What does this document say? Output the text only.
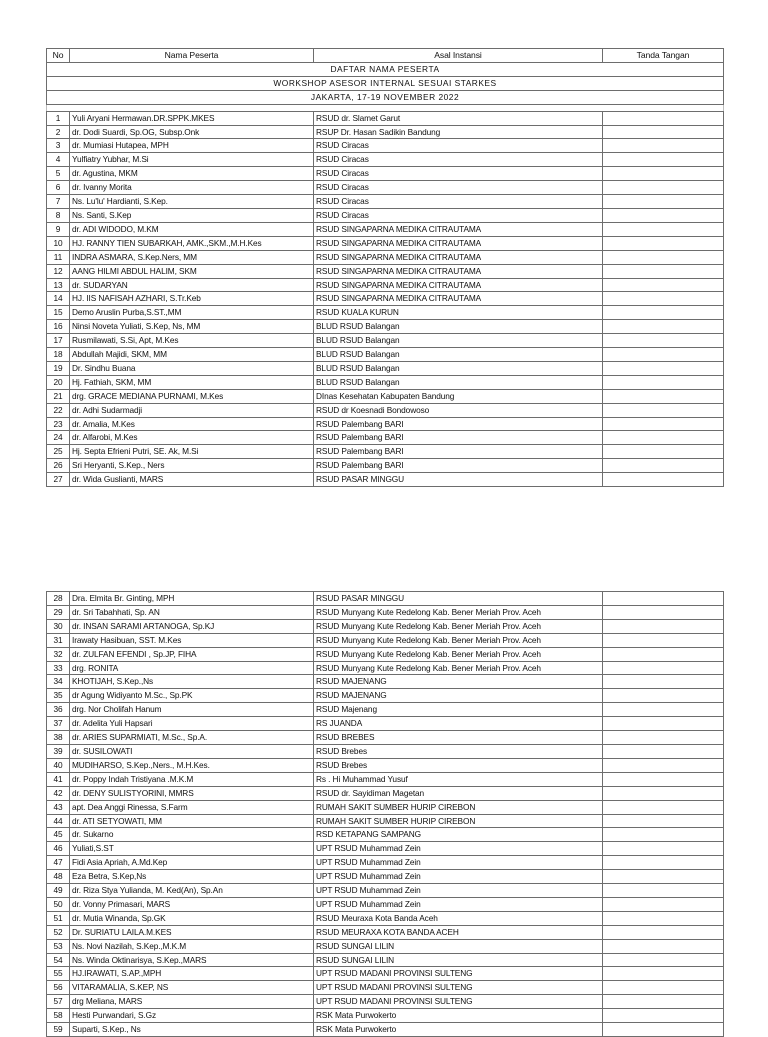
DAFTAR NAMA PESERTA			
WORKSHOP ASESOR INTERNAL SESUAI STARKES			
JAKARTA, 17-19 NOVEMBER 2022			

No	Nama Peserta	Asal Instansi	Tanda Tangan
1	Yuli Aryani Hermawan.DR.SPPK.MKES	RSUD dr. Slamet Garut	
2	dr. Dodi Suardi, Sp.OG, Subsp.Onk	RSUP Dr. Hasan Sadikin Bandung	
3	dr. Mumiasi Hutapea, MPH	RSUD Ciracas	
4	Yulfiatry Yubhar, M.Si	RSUD Ciracas	
5	dr. Agustina, MKM	RSUD Ciracas	
6	dr. Ivanny Morita	RSUD Ciracas	
7	Ns. Lu'lu' Hardianti, S.Kep.	RSUD Ciracas	
8	Ns. Santi, S.Kep	RSUD Ciracas	
9	dr. ADI WIDODO, M.KM	RSUD SINGAPARNA MEDIKA CITRAUTAMA	
10	HJ. RANNY TIEN SUBARKAH, AMK.,SKM.,M.H.Kes	RSUD SINGAPARNA MEDIKA CITRAUTAMA	
11	INDRA ASMARA, S.Kep.Ners, MM	RSUD SINGAPARNA MEDIKA CITRAUTAMA	
12	AANG HILMI ABDUL HALIM, SKM	RSUD SINGAPARNA MEDIKA CITRAUTAMA	
13	dr. SUDARYAN	RSUD SINGAPARNA MEDIKA CITRAUTAMA	
14	HJ. IIS NAFISAH AZHARI, S.Tr.Keb	RSUD SINGAPARNA MEDIKA CITRAUTAMA	
15	Demo Aruslin Purba,S.ST.,MM	RSUD KUALA KURUN	
16	Ninsi Noveta Yuliati, S.Kep, Ns, MM	BLUD RSUD Balangan	
17	Rusmilawati, S.Si, Apt, M.Kes	BLUD RSUD Balangan	
18	Abdullah Majidi, SKM, MM	BLUD RSUD Balangan	
19	Dr. Sindhu Buana	BLUD RSUD Balangan	
20	Hj. Fathiah, SKM, MM	BLUD RSUD Balangan	
21	drg. GRACE MEDIANA PURNAMI, M.Kes	DInas Kesehatan Kabupaten Bandung	
22	dr. Adhi Sudarmadji	RSUD dr Koesnadi Bondowoso	
23	dr. Amalia, M.Kes	RSUD Palembang BARI	
24	dr. Alfarobi, M.Kes	RSUD Palembang BARI	
25	Hj. Septa Efrieni Putri, SE. Ak, M.Si	RSUD Palembang BARI	
26	Sri Heryanti, S.Kep., Ners	RSUD Palembang BARI	
27	dr. Wida Guslianti, MARS	RSUD PASAR MINGGU	
28	Dra. Elmita Br. Ginting, MPH	RSUD PASAR MINGGU	
29	dr. Sri Tabahhati, Sp. AN	RSUD Munyang Kute Redelong Kab. Bener Meriah Prov. Aceh	
30	dr. INSAN SARAMI ARTANOGA, Sp.KJ	RSUD Munyang Kute Redelong Kab. Bener Meriah Prov. Aceh	
31	Irawaty Hasibuan, SST. M.Kes	RSUD Munyang Kute Redelong Kab. Bener Meriah Prov. Aceh	
32	dr. ZULFAN EFENDI , Sp.JP, FIHA	RSUD Munyang Kute Redelong Kab. Bener Meriah Prov. Aceh	
33	drg. RONITA	RSUD Munyang Kute Redelong Kab. Bener Meriah Prov. Aceh	
34	KHOTIJAH, S.Kep.,Ns	RSUD MAJENANG	
35	dr Agung Widiyanto M.Sc., Sp.PK	RSUD MAJENANG	
36	drg. Nor Cholifah Hanum	RSUD Majenang	
37	dr. Adelita Yuli Hapsari	RS JUANDA	
38	dr. ARIES SUPARMIATI, M.Sc., Sp.A.	RSUD BREBES	
39	dr. SUSILOWATI	RSUD Brebes	
40	MUDIHARSO, S.Kep.,Ners., M.H.Kes.	RSUD Brebes	
41	dr. Poppy Indah Tristiyana .M.K.M	Rs . Hi Muhammad Yusuf	
42	dr. DENY SULISTYORINI, MMRS	RSUD dr. Sayidiman Magetan	
43	apt. Dea Anggi Rinessa, S.Farm	RUMAH SAKIT SUMBER HURIP CIREBON	
44	dr. ATI SETYOWATI, MM	RUMAH SAKIT SUMBER HURIP CIREBON	
45	dr. Sukarno	RSD KETAPANG SAMPANG	
46	Yuliati,S.ST	UPT RSUD Muhammad Zein	
47	Fidi Asia Apriah, A.Md.Kep	UPT RSUD Muhammad Zein	
48	Eza Betra, S.Kep,Ns	UPT RSUD Muhammad Zein	
49	dr. Riza Stya Yulianda, M. Ked(An), Sp.An	UPT RSUD Muhammad Zein	
50	dr. Vonny Primasari, MARS	UPT RSUD Muhammad Zein	
51	dr. Mutia Winanda, Sp.GK	RSUD Meuraxa Kota Banda Aceh	
52	Dr. SURIATU LAILA.M.KES	RSUD MEURAXA KOTA BANDA ACEH	
53	Ns. Novi Nazilah, S.Kep.,M.K.M	RSUD SUNGAI LILIN	
54	Ns. Winda Oktinarisya, S.Kep.,MARS	RSUD SUNGAI LILIN	
55	HJ.IRAWATI, S.AP.,MPH	UPT RSUD MADANI PROVINSI SULTENG	
56	VITARAMALIA, S.KEP, NS	UPT RSUD MADANI PROVINSI SULTENG	
57	drg Meliana, MARS	UPT RSUD MADANI PROVINSI SULTENG	
58	Hesti Purwandari, S.Gz	RSK Mata Purwokerto	
59	Suparti, S.Kep., Ns	RSK Mata Purwokerto	
